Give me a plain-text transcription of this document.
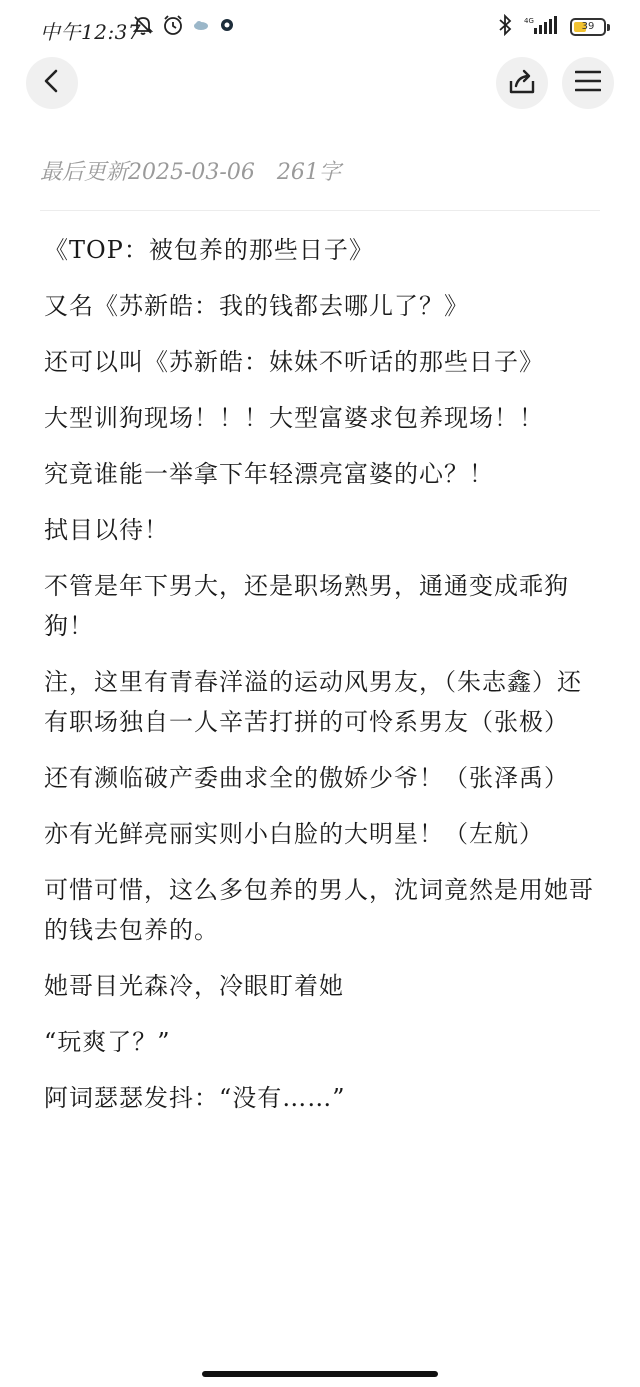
中午12:37	4G	39
最后更新2025-03-06 261字

《TOP：被包养的那些日子》

又名《苏新皓：我的钱都去哪儿了？》

还可以叫《苏新皓：妹妹不听话的那些日子》

大型训狗现场！！！大型富婆求包养现场！！

究竟谁能一举拿下年轻漂亮富婆的心？！

拭目以待！

不管是年下男大，还是职场熟男，通通变成乖狗狗！

注，这里有青春洋溢的运动风男友，（朱志鑫）还有职场独自一人辛苦打拼的可怜系男友（张极）

还有濒临破产委曲求全的傲娇少爷！（张泽禹）

亦有光鲜亮丽实则小白脸的大明星！（左航）

可惜可惜，这么多包养的男人，沈词竟然是用她哥的钱去包养的。

她哥目光森冷，冷眼盯着她

“玩爽了？”

阿词瑟瑟发抖：“没有……”
